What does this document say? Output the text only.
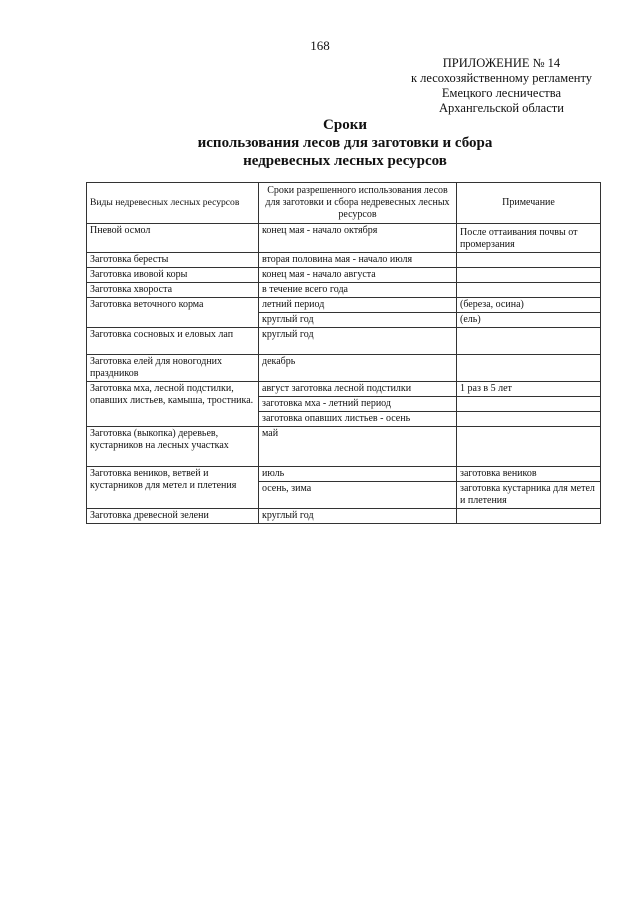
168
ПРИЛОЖЕНИЕ № 14
к лесохозяйственному регламенту
Емецкого лесничества
Архангельской области
Сроки
использования лесов для заготовки и сбора
недревесных лесных ресурсов
Виды недревесных лесных ресурсов	Сроки разрешенного использования лесов для заготовки и сбора недревесных лесных ресурсов	Примечание
Пневой осмол	конец мая - начало октября	После оттаивания почвы от промерзания
Заготовка бересты	вторая половина мая - начало июля	
Заготовка ивовой коры	конец мая - начало августа	
Заготовка хвороста	в течение всего года	
Заготовка веточного корма	летний период	(береза, осина)
	круглый год	(ель)
Заготовка сосновых и еловых лап	круглый год	
Заготовка елей для новогодних праздников	декабрь	
Заготовка мха, лесной подстилки, опавших листьев, камыша, тростника.	август заготовка лесной подстилки	1 раз в 5 лет
	заготовка мха - летний период	
	заготовка опавших листьев - осень	
Заготовка (выкопка) деревьев, кустарников на лесных участках	май	
Заготовка веников, ветвей и кустарников для метел и плетения	июль	заготовка веников
	осень, зима	заготовка кустарника для метел и плетения
Заготовка древесной зелени	круглый год	
